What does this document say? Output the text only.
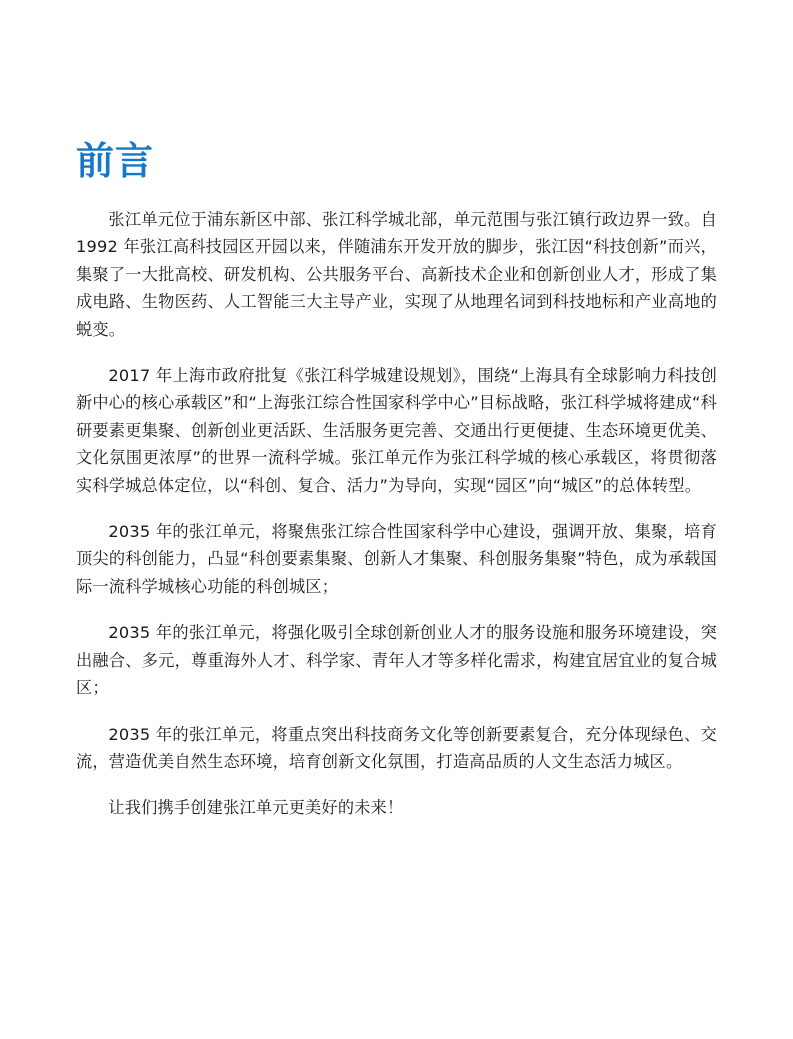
前言

张江单元位于浦东新区中部、张江科学城北部，单元范围与张江镇行政边界一致。自 1992 年张江高科技园区开园以来，伴随浦东开发开放的脚步，张江因“科技创新”而兴，集聚了一大批高校、研发机构、公共服务平台、高新技术企业和创新创业人才，形成了集成电路、生物医药、人工智能三大主导产业，实现了从地理名词到科技地标和产业高地的蜕变。

2017 年上海市政府批复《张江科学城建设规划》，围绕“上海具有全球影响力科技创新中心的核心承载区”和“上海张江综合性国家科学中心”目标战略，张江科学城将建成“科研要素更集聚、创新创业更活跃、生活服务更完善、交通出行更便捷、生态环境更优美、文化氛围更浓厚”的世界一流科学城。张江单元作为张江科学城的核心承载区，将贯彻落实科学城总体定位，以“科创、复合、活力”为导向，实现“园区”向“城区”的总体转型。

2035 年的张江单元，将聚焦张江综合性国家科学中心建设，强调开放、集聚，培育顶尖的科创能力，凸显“科创要素集聚、创新人才集聚、科创服务集聚”特色，成为承载国际一流科学城核心功能的科创城区；

2035 年的张江单元，将强化吸引全球创新创业人才的服务设施和服务环境建设，突出融合、多元，尊重海外人才、科学家、青年人才等多样化需求，构建宜居宜业的复合城区；

2035 年的张江单元，将重点突出科技商务文化等创新要素复合，充分体现绿色、交流，营造优美自然生态环境，培育创新文化氛围，打造高品质的人文生态活力城区。

让我们携手创建张江单元更美好的未来！
